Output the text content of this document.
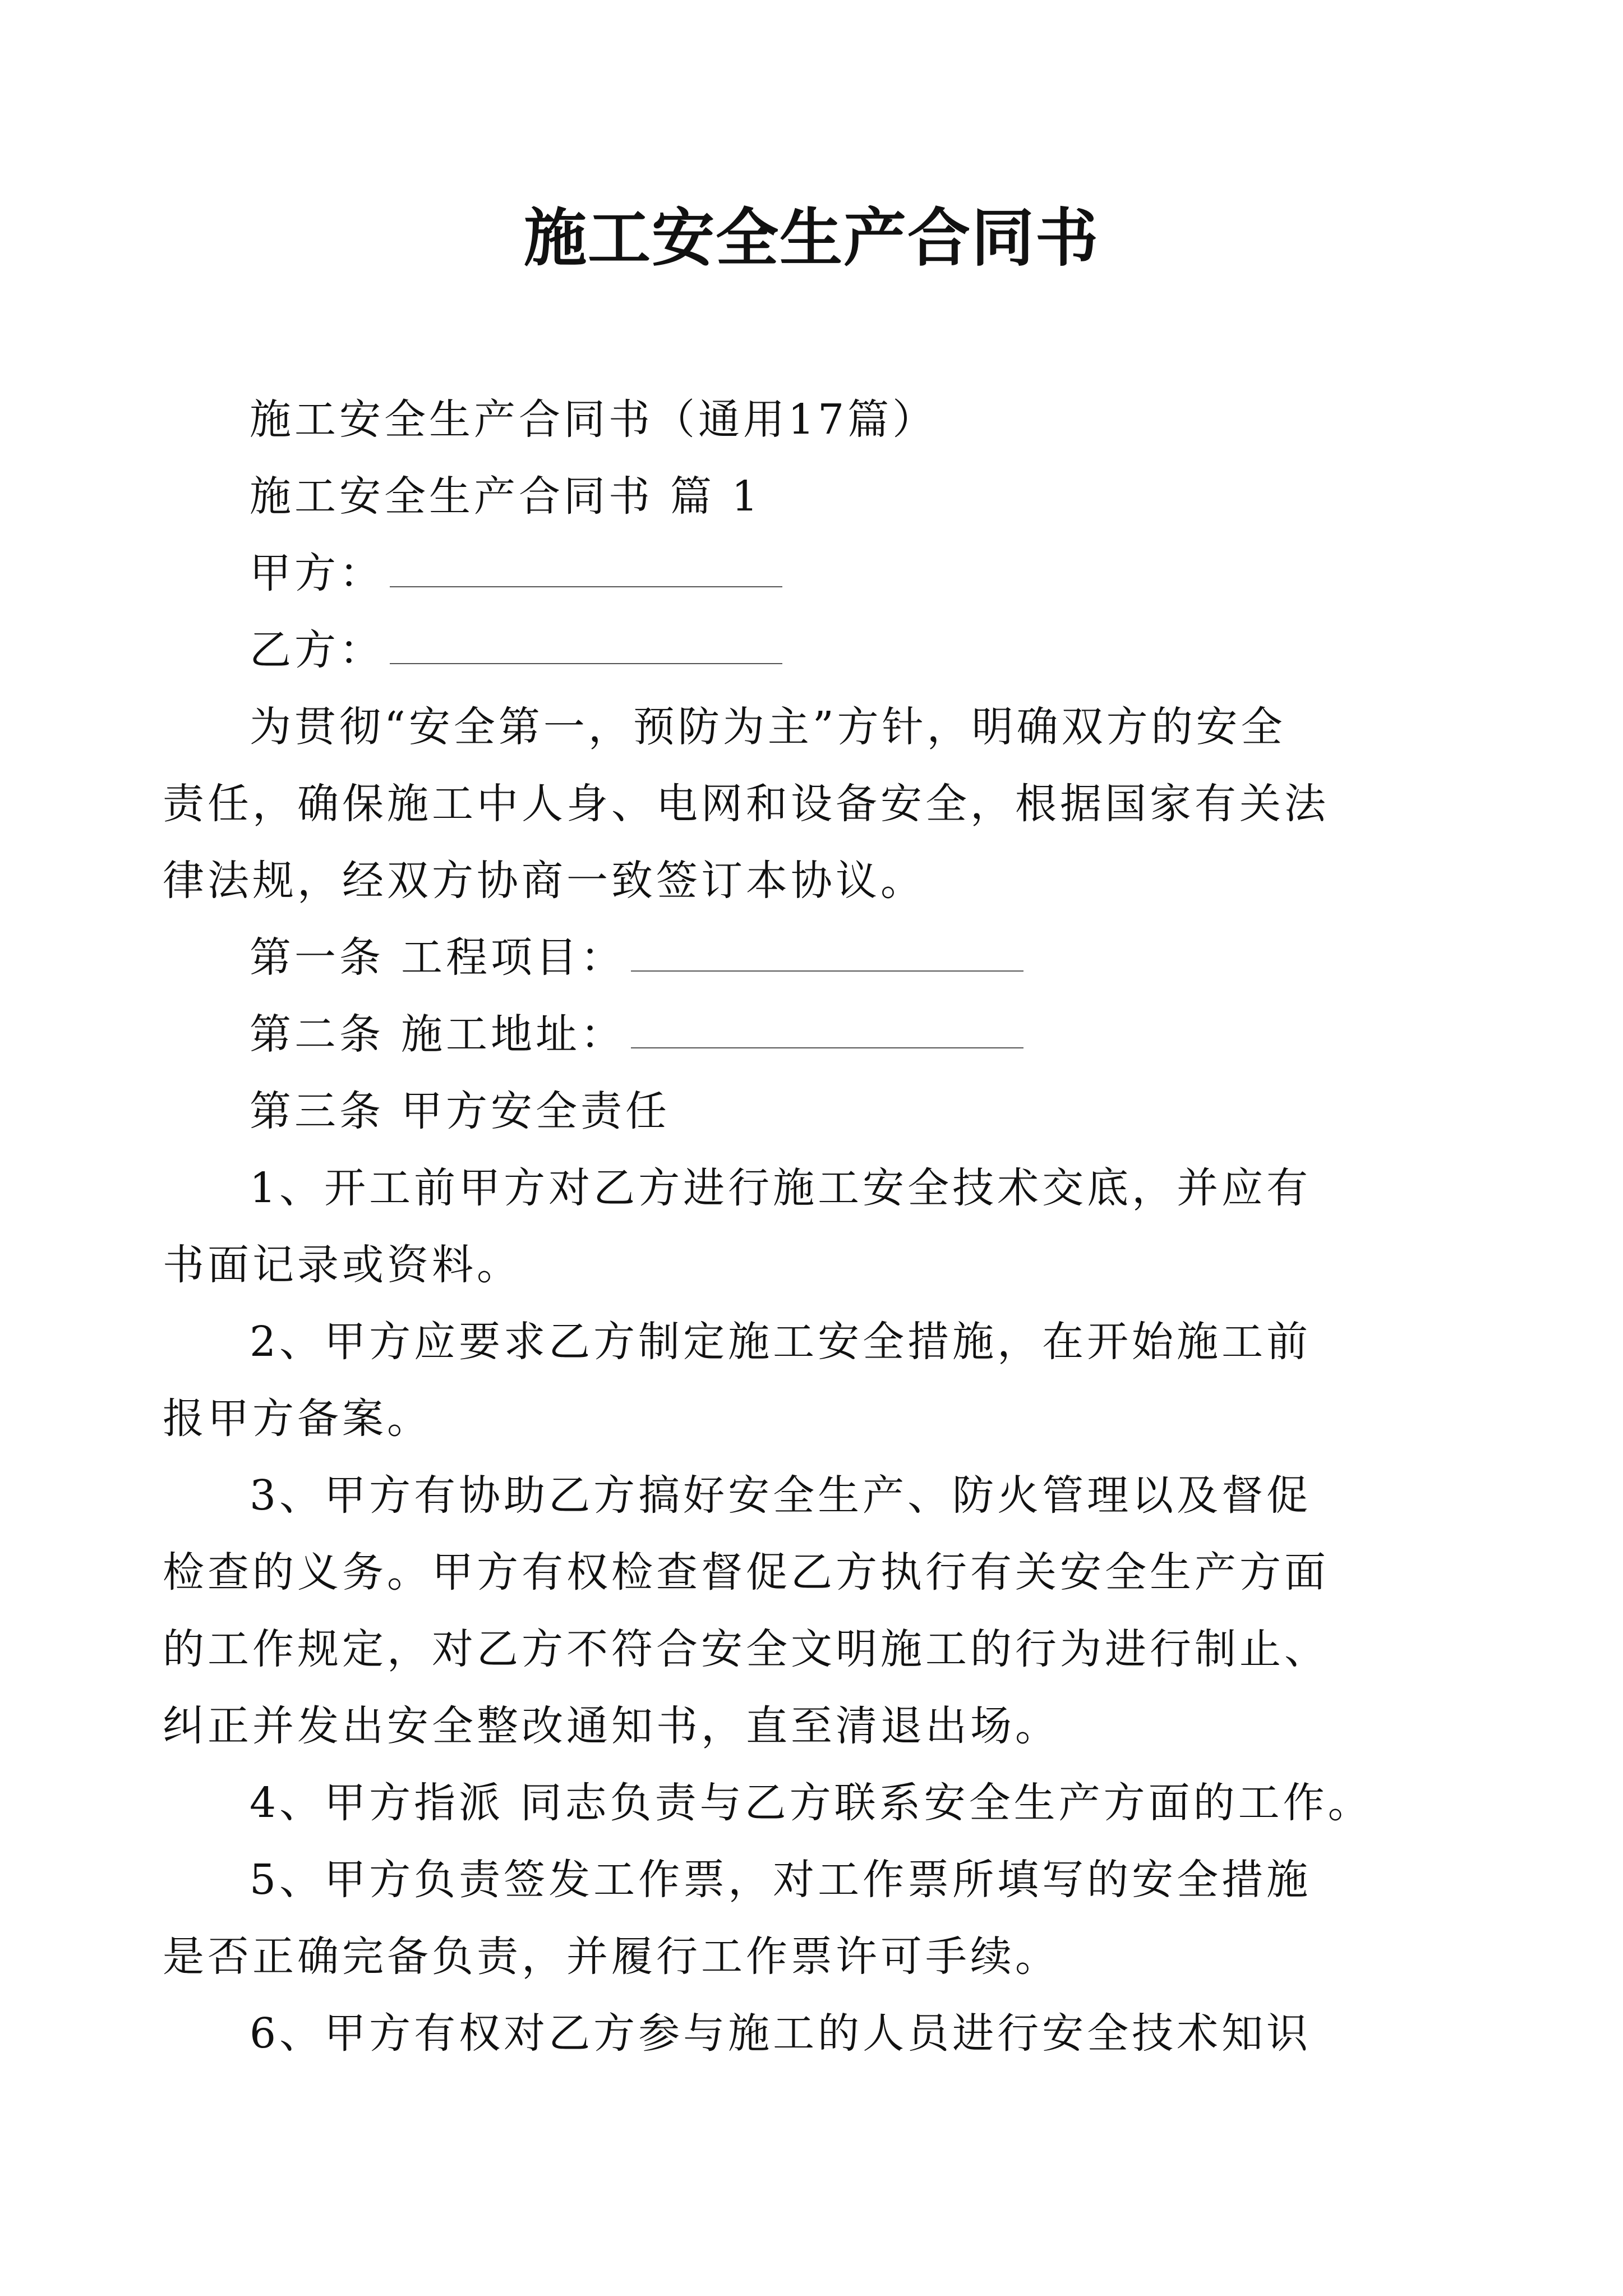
施工安全生产合同书
施工安全生产合同书（通用17篇）
施工安全生产合同书 篇 1
甲方：
乙方：
为贯彻“安全第一，预防为主”方针，明确双方的安全
责任，确保施工中人身、电网和设备安全，根据国家有关法
律法规，经双方协商一致签订本协议。
第一条 工程项目：
第二条 施工地址：
第三条 甲方安全责任
1、开工前甲方对乙方进行施工安全技术交底，并应有
书面记录或资料。
2、甲方应要求乙方制定施工安全措施，在开始施工前
报甲方备案。
3、甲方有协助乙方搞好安全生产、防火管理以及督促
检查的义务。甲方有权检查督促乙方执行有关安全生产方面
的工作规定，对乙方不符合安全文明施工的行为进行制止、
纠正并发出安全整改通知书，直至清退出场。
4、甲方指派 同志负责与乙方联系安全生产方面的工作。
5、甲方负责签发工作票，对工作票所填写的安全措施
是否正确完备负责，并履行工作票许可手续。
6、甲方有权对乙方参与施工的人员进行安全技术知识
